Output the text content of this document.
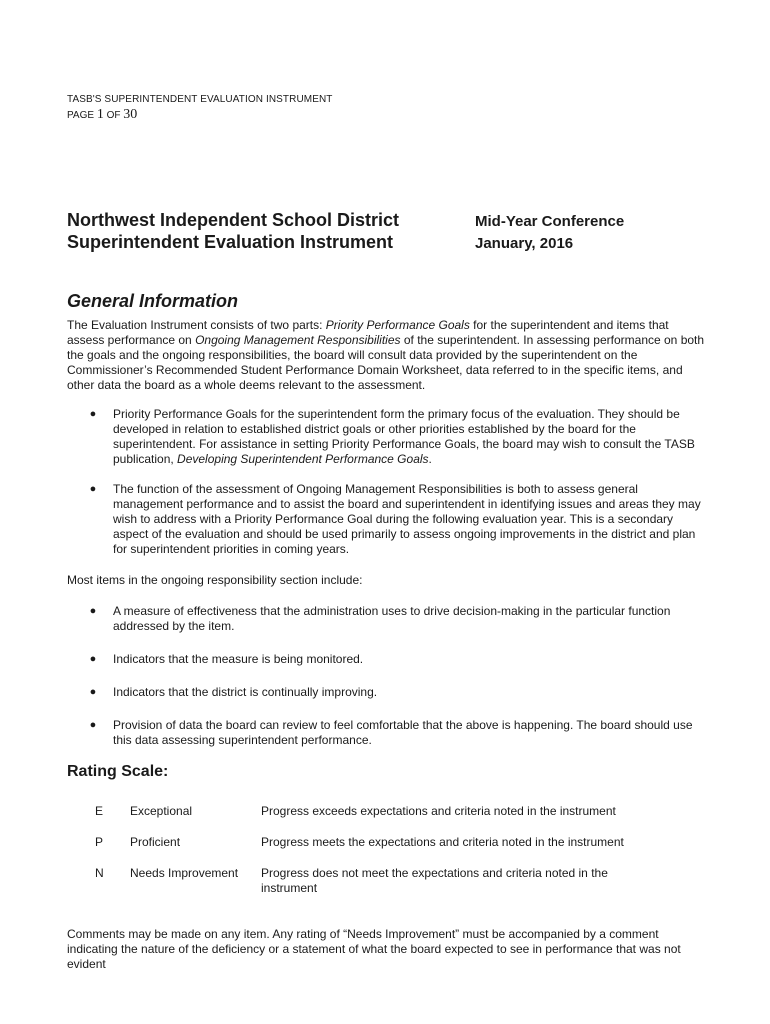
TASB'S SUPERINTENDENT EVALUATION INSTRUMENT
PAGE 1 OF 30
Northwest Independent School District
Superintendent Evaluation Instrument
Mid-Year Conference
January, 2016
General Information
The Evaluation Instrument consists of two parts: Priority Performance Goals for the superintendent and items that assess performance on Ongoing Management Responsibilities of the superintendent. In assessing performance on both the goals and the ongoing responsibilities, the board will consult data provided by the superintendent on the Commissioner’s Recommended Student Performance Domain Worksheet, data referred to in the specific items, and other data the board as a whole deems relevant to the assessment.
● Priority Performance Goals for the superintendent form the primary focus of the evaluation. They should be developed in relation to established district goals or other priorities established by the board for the superintendent. For assistance in setting Priority Performance Goals, the board may wish to consult the TASB publication, Developing Superintendent Performance Goals.
● The function of the assessment of Ongoing Management Responsibilities is both to assess general management performance and to assist the board and superintendent in identifying issues and areas they may wish to address with a Priority Performance Goal during the following evaluation year. This is a secondary aspect of the evaluation and should be used primarily to assess ongoing improvements in the district and plan for superintendent priorities in coming years.
Most items in the ongoing responsibility section include:
● A measure of effectiveness that the administration uses to drive decision-making in the particular function addressed by the item.
● Indicators that the measure is being monitored.
● Indicators that the district is continually improving.
● Provision of data the board can review to feel comfortable that the above is happening. The board should use this data assessing superintendent performance.
Rating Scale:
E	Exceptional	Progress exceeds expectations and criteria noted in the instrument
P	Proficient	Progress meets the expectations and criteria noted in the instrument
N	Needs Improvement	Progress does not meet the expectations and criteria noted in the instrument
Comments may be made on any item. Any rating of “Needs Improvement” must be accompanied by a comment indicating the nature of the deficiency or a statement of what the board expected to see in performance that was not evident
